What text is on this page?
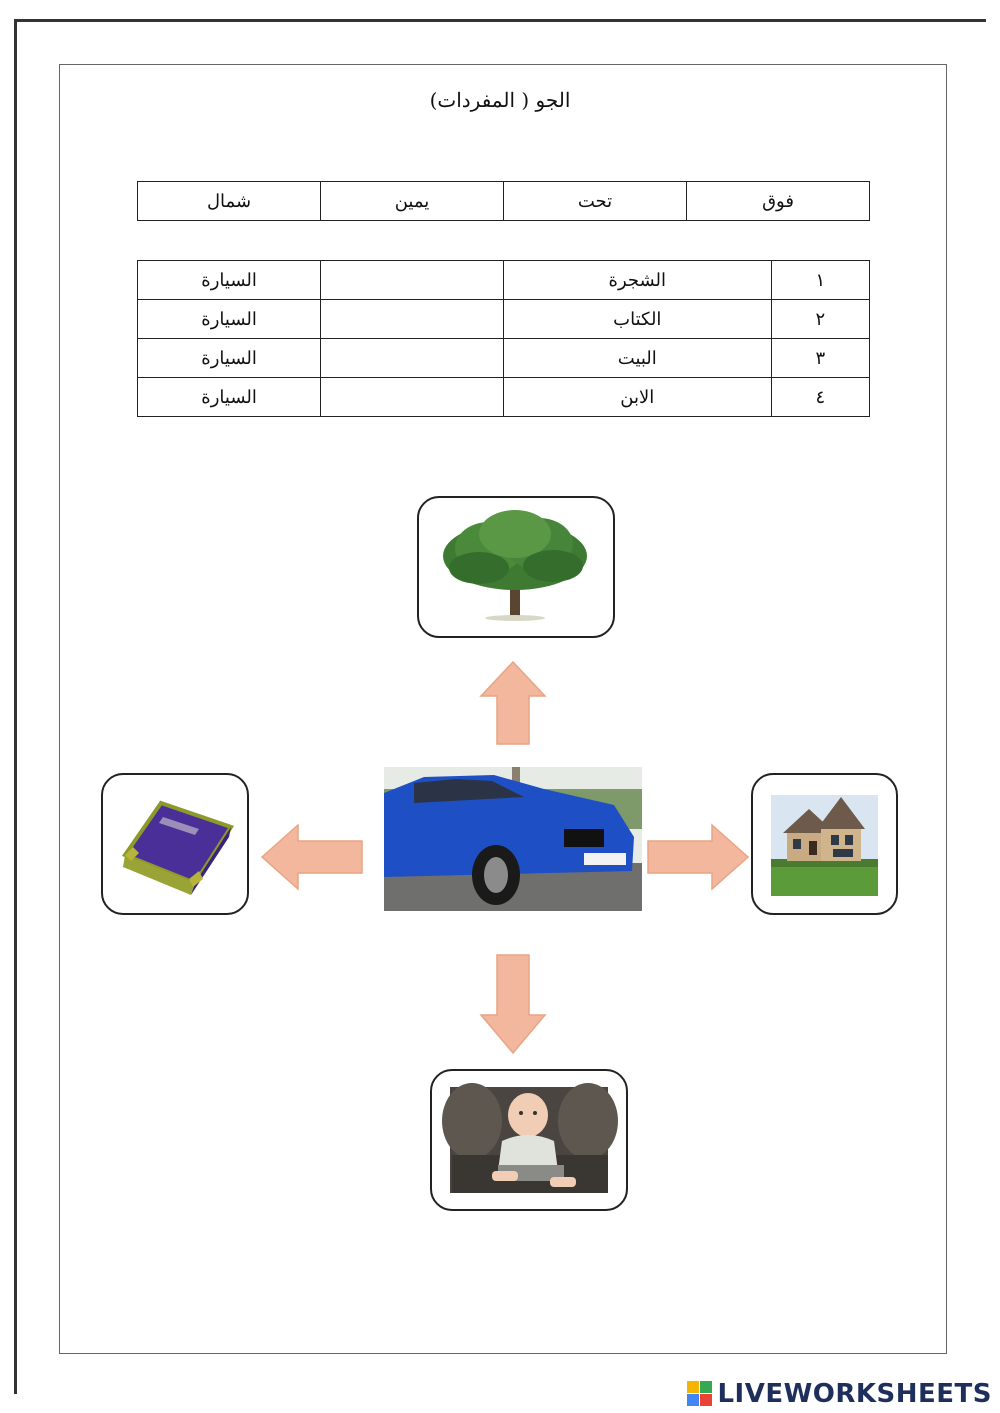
الجو ( المفردات)
فوق	تحت	يمين	شمال
١	الشجرة		السيارة
٢	الكتاب		السيارة
٣	البيت		السيارة
٤	الابن		السيارة
LIVEWORKSHEETS
